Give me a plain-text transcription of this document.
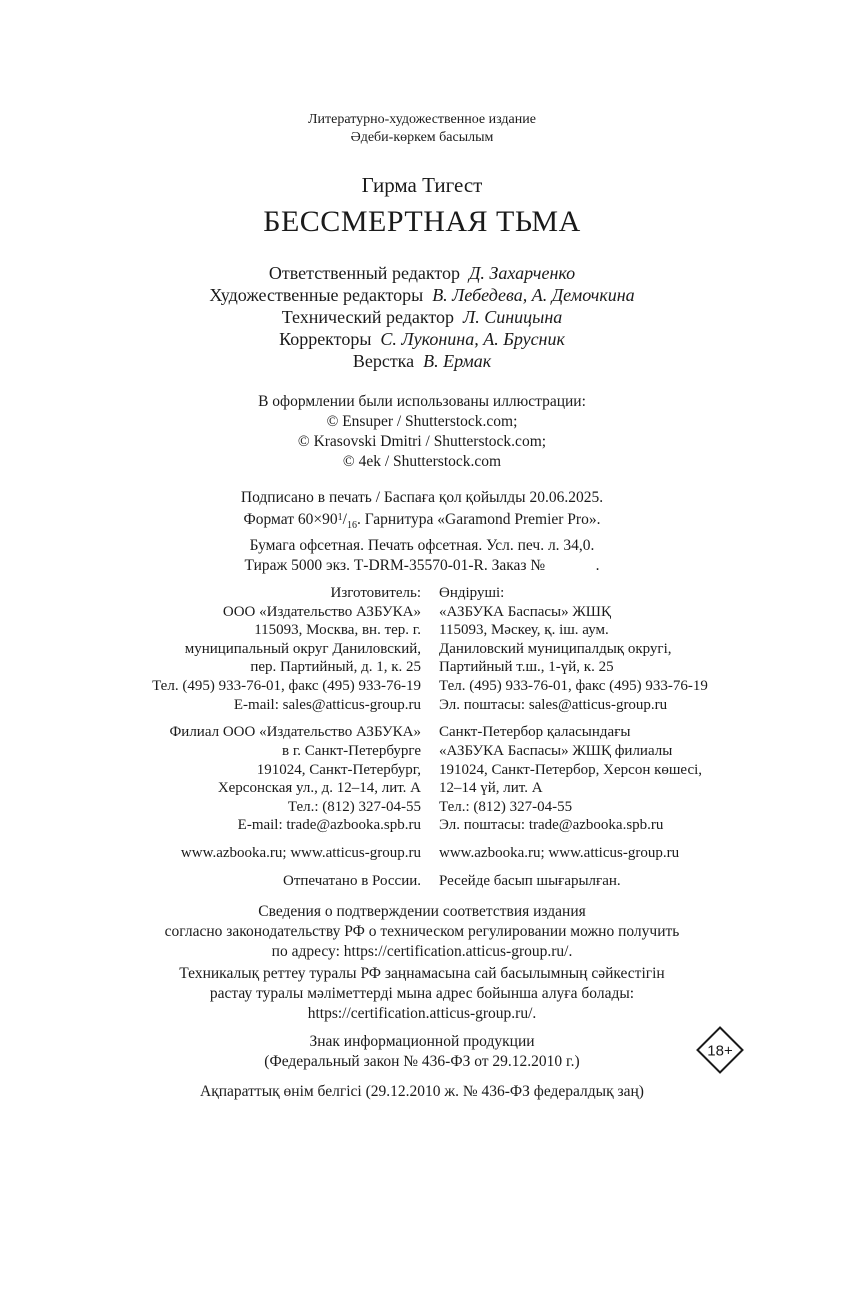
Литературно-художественное издание
Әдеби-көркем басылым
Гирма Тигест
БЕССМЕРТНАЯ ТЬМА
Ответственный редактор Д. Захарченко
Художественные редакторы В. Лебедева, А. Демочкина
Технический редактор Л. Синицына
Корректоры С. Луконина, А. Брусник
Верстка В. Ермак
В оформлении были использованы иллюстрации:
© Ensuper / Shutterstock.com;
© Krasovski Dmitri / Shutterstock.com;
© 4ek / Shutterstock.com
Подписано в печать / Баспаға қол қойылды 20.06.2025.
Формат $60\times 90^1/_{16}$. Гарнитура «Garamond Premier Pro».
Бумага офсетная. Печать офсетная. Усл. печ. л. 34,0.
Тираж 5000 экз. Т-DRM-35570-01-R. Заказ №             .
Изготовитель:
ООО «Издательство АЗБУКА»
115093, Москва, вн. тер. г.
муниципальный округ Даниловский,
пер. Партийный, д. 1, к. 25
Тел. (495) 933-76-01, факс (495) 933-76-19
E-mail: sales@atticus-group.ru
Филиал ООО «Издательство АЗБУКА»
в г. Санкт-Петербурге
191024, Санкт-Петербург,
Херсонская ул., д. 12–14, лит. А
Тел.: (812) 327-04-55
E-mail: trade@azbooka.spb.ru
www.azbooka.ru; www.atticus-group.ru
Отпечатано в России.
Өндіруші:
«АЗБУКА Баспасы» ЖШҚ
115093, Мәскеу, қ. іш. аум.
Даниловский муниципалдық округі,
Партийный т.ш., 1-үй, к. 25
Тел. (495) 933-76-01, факс (495) 933-76-19
Эл. поштасы: sales@atticus-group.ru
Санкт-Петербор қаласындағы
«АЗБУКА Баспасы» ЖШҚ филиалы
191024, Санкт-Петербор, Херсон көшесі,
12–14 үй, лит. А
Тел.: (812) 327-04-55
Эл. поштасы: trade@azbooka.spb.ru
www.azbooka.ru; www.atticus-group.ru
Ресейде басып шығарылған.
Сведения о подтверждении соответствия издания
согласно законодательству РФ о техническом регулировании можно получить
по адресу: https://certification.atticus-group.ru/.
Техникалық реттеу туралы РФ заңнамасына сай басылымның сәйкестігін
растау туралы мәліметтерді мына адрес бойынша алуға болады:
https://certification.atticus-group.ru/.
Знак информационной продукции
(Федеральный закон № 436-ФЗ от 29.12.2010 г.)
18+
Ақпараттық өнім белгісі (29.12.2010 ж. № 436-ФЗ федералдық заң)
